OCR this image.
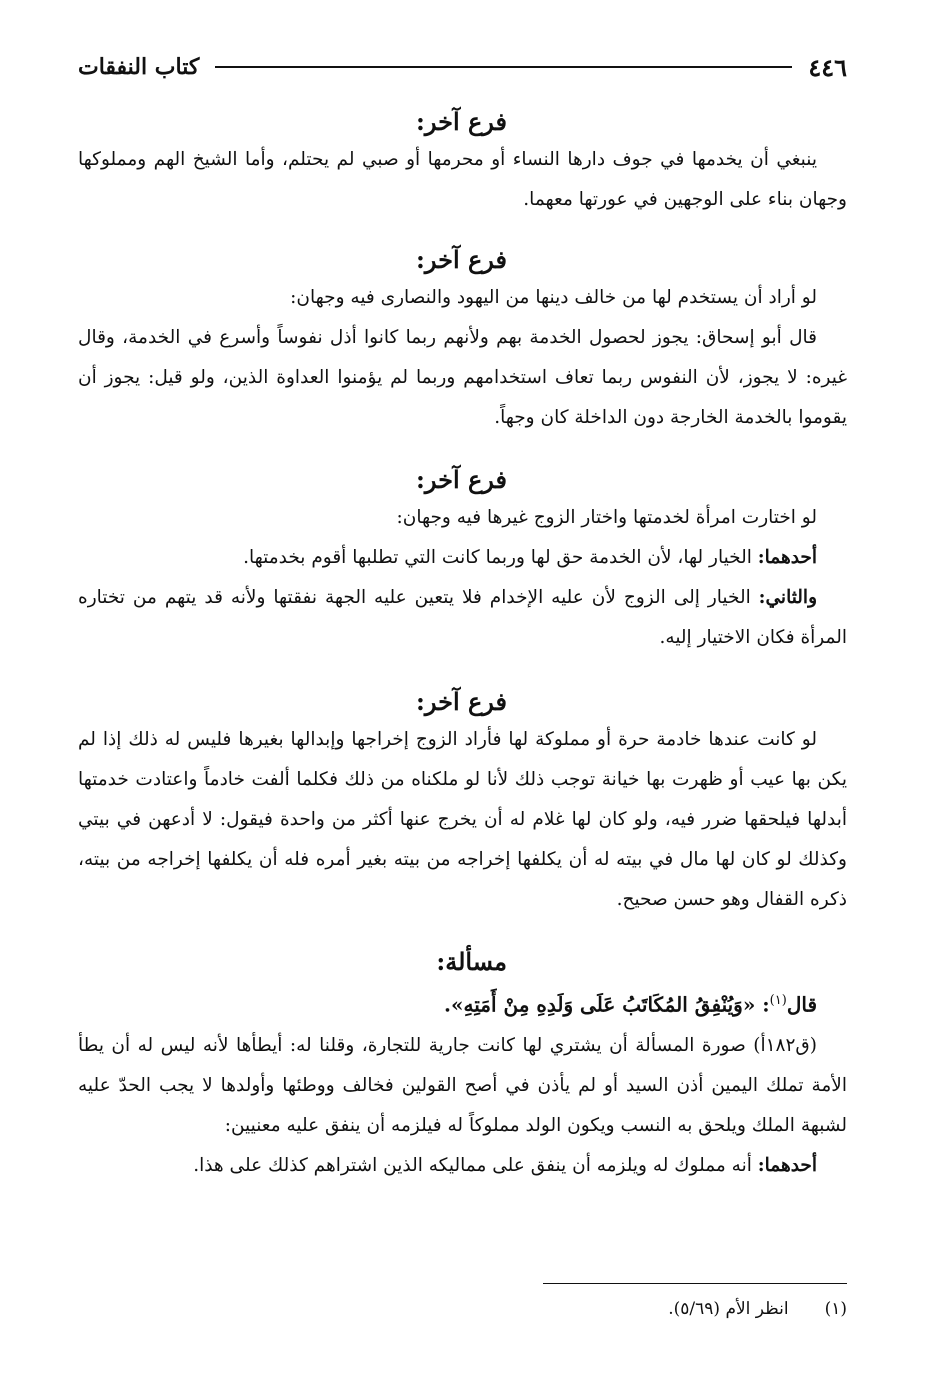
٤٤٦
كتاب النفقات
فرع آخر:

ينبغي أن يخدمها في جوف دارها النساء أو محرمها أو صبي لم يحتلم، وأما الشيخ الهم ومملوكها وجهان بناء على الوجهين في عورتها معهما.

فرع آخر:

لو أراد أن يستخدم لها من خالف دينها من اليهود والنصارى فيه وجهان:

قال أبو إسحاق: يجوز لحصول الخدمة بهم ولأنهم ربما كانوا أذل نفوساً وأسرع في الخدمة، وقال غيره: لا يجوز، لأن النفوس ربما تعاف استخدامهم وربما لم يؤمنوا العداوة الذين، ولو قيل: يجوز أن يقوموا بالخدمة الخارجة دون الداخلة كان وجهاً.

فرع آخر:

لو اختارت امرأة لخدمتها واختار الزوج غيرها فيه وجهان:

أحدهما: الخيار لها، لأن الخدمة حق لها وربما كانت التي تطلبها أقوم بخدمتها.

والثاني: الخيار إلى الزوج لأن عليه الإخدام فلا يتعين عليه الجهة نفقتها ولأنه قد يتهم من تختاره المرأة فكان الاختيار إليه.

فرع آخر:

لو كانت عندها خادمة حرة أو مملوكة لها فأراد الزوج إخراجها وإبدالها بغيرها فليس له ذلك إذا لم يكن بها عيب أو ظهرت بها خيانة توجب ذلك لأنا لو ملكناه من ذلك فكلما ألفت خادماً واعتادت خدمتها أبدلها فيلحقها ضرر فيه، ولو كان لها غلام له أن يخرج عنها أكثر من واحدة فيقول: لا أدعهن في بيتي وكذلك لو كان لها مال في بيته له أن يكلفها إخراجه من بيته بغير أمره فله أن يكلفها إخراجه من بيته، ذكره القفال وهو حسن صحيح.

مسألة:

قال$^{(١)}$: «وَيُنْفِقُ المُكَاتَبُ عَلَى وَلَدِهِ مِنْ أَمَتِهِ».

(ق١٨٢أ) صورة المسألة أن يشتري لها كانت جارية للتجارة، وقلنا له: أيطأها لأنه ليس له أن يطأ الأمة تملك اليمين أذن السيد أو لم يأذن في أصح القولين فخالف ووطئها وأولدها لا يجب الحدّ عليه لشبهة الملك ويلحق به النسب ويكون الولد مملوكاً له فيلزمه أن ينفق عليه معنيين:

أحدهما: أنه مملوك له ويلزمه أن ينفق على مماليكه الذين اشتراهم كذلك على هذا.

(١)انظر الأم (٥/٦٩).
